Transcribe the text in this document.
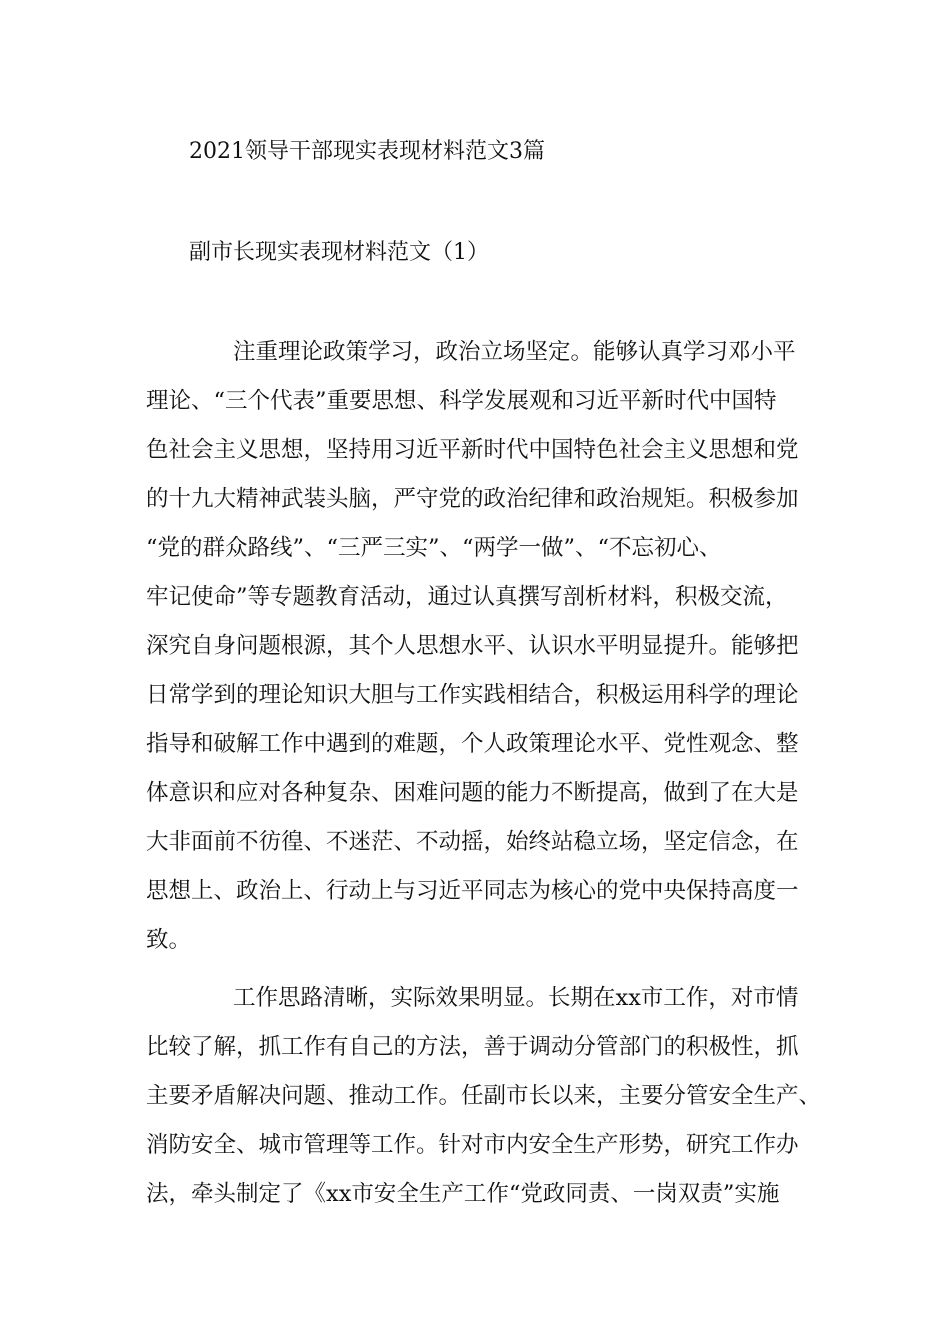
2021领导干部现实表现材料范文3篇
副市长现实表现材料范文（1）
注重理论政策学习，政治立场坚定。能够认真学习邓小平
理论、“三个代表”重要思想、科学发展观和习近平新时代中国特
色社会主义思想，坚持用习近平新时代中国特色社会主义思想和党
的十九大精神武装头脑，严守党的政治纪律和政治规矩。积极参加
“党的群众路线”、“三严三实”、“两学一做”、“不忘初心、
牢记使命”等专题教育活动，通过认真撰写剖析材料，积极交流，
深究自身问题根源，其个人思想水平、认识水平明显提升。能够把
日常学到的理论知识大胆与工作实践相结合，积极运用科学的理论
指导和破解工作中遇到的难题，个人政策理论水平、党性观念、整
体意识和应对各种复杂、困难问题的能力不断提高，做到了在大是
大非面前不彷徨、不迷茫、不动摇，始终站稳立场，坚定信念，在
思想上、政治上、行动上与习近平同志为核心的党中央保持高度一
致。
工作思路清晰，实际效果明显。长期在xx市工作，对市情
比较了解，抓工作有自己的方法，善于调动分管部门的积极性，抓
主要矛盾解决问题、推动工作。任副市长以来，主要分管安全生产、
消防安全、城市管理等工作。针对市内安全生产形势，研究工作办
法，牵头制定了《xx市安全生产工作“党政同责、一岗双责”实施
